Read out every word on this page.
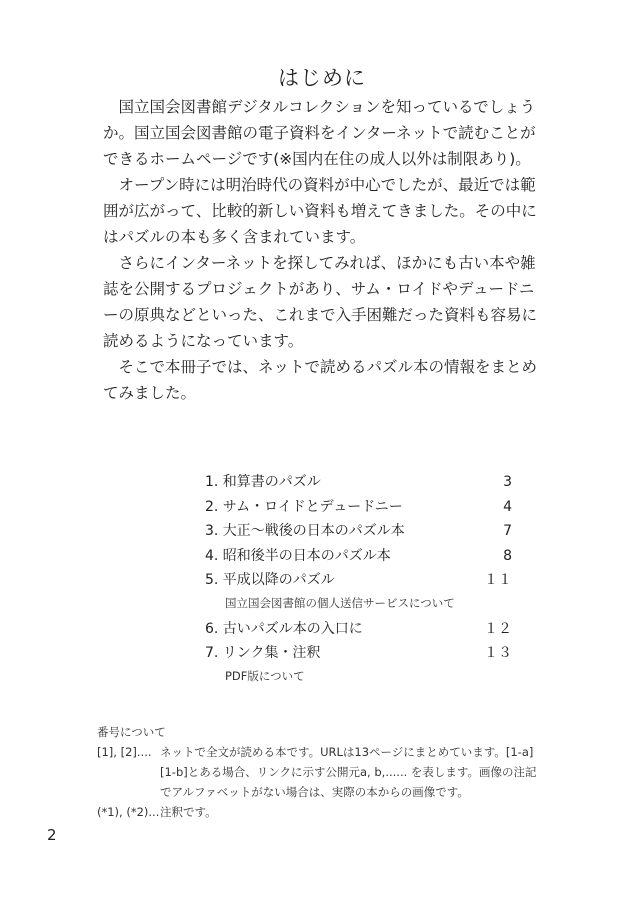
はじめに

国立国会図書館デジタルコレクションを知っているでしょうか。国立国会図書館の電子資料をインターネットで読むことができるホームページです(※国内在住の成人以外は制限あり)。

オープン時には明治時代の資料が中心でしたが、最近では範囲が広がって、比較的新しい資料も増えてきました。その中にはパズルの本も多く含まれています。

さらにインターネットを探してみれば、ほかにも古い本や雑誌を公開するプロジェクトがあり、サム・ロイドやデュードニーの原典などといった、これまで入手困難だった資料も容易に読めるようになっています。

そこで本冊子では、ネットで読めるパズル本の情報をまとめてみました。

1. 和算書のパズル	3
2. サム・ロイドとデュードニー	4
3. 大正〜戦後の日本のパズル本	7
4. 昭和後半の日本のパズル本	8
5. 平成以降のパズル	１１
国立国会図書館の個人送信サービスについて
6. 古いパズル本の入口に	１２
7. リンク集・注釈	１３
PDF版について
番号について
[1], [2].... ネットで全文が読める本です。URLは13ページにまとめています。[1-a][1-b]とある場合、リンクに示す公開元a, b,...... を表します。画像の注記でアルファベットがない場合は、実際の本からの画像です。
(*1), (*2)... 注釈です。
2
